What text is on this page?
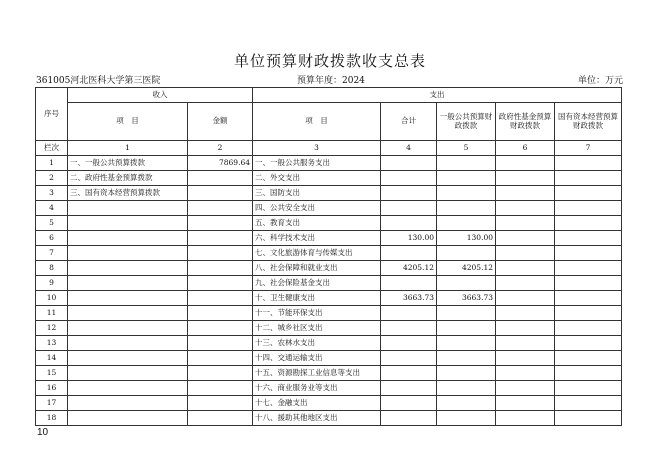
单位预算财政拨款收支总表
361005河北医科大学第三医院	预算年度：2024	单位：万元
序号	收入		支出				
	项　目	金额	项　目	合计	一般公共预算财政拨款	政府性基金预算财政拨款	国有资本经营预算财政拨款
栏次	1	2	3	4	5	6	7
1	一、一般公共预算拨款	7869.64	一、一般公共服务支出				
2	二、政府性基金预算拨款		二、外交支出				
3	三、国有资本经营预算拨款		三、国防支出				
4			四、公共安全支出				
5			五、教育支出				
6			六、科学技术支出	130.00	130.00		
7			七、文化旅游体育与传媒支出				
8			八、社会保障和就业支出	4205.12	4205.12		
9			九、社会保险基金支出				
10			十、卫生健康支出	3663.73	3663.73		
11			十一、节能环保支出				
12			十二、城乡社区支出				
13			十三、农林水支出				
14			十四、交通运输支出				
15			十五、资源勘探工业信息等支出				
16			十六、商业服务业等支出				
17			十七、金融支出				
18			十八、援助其他地区支出				
10
